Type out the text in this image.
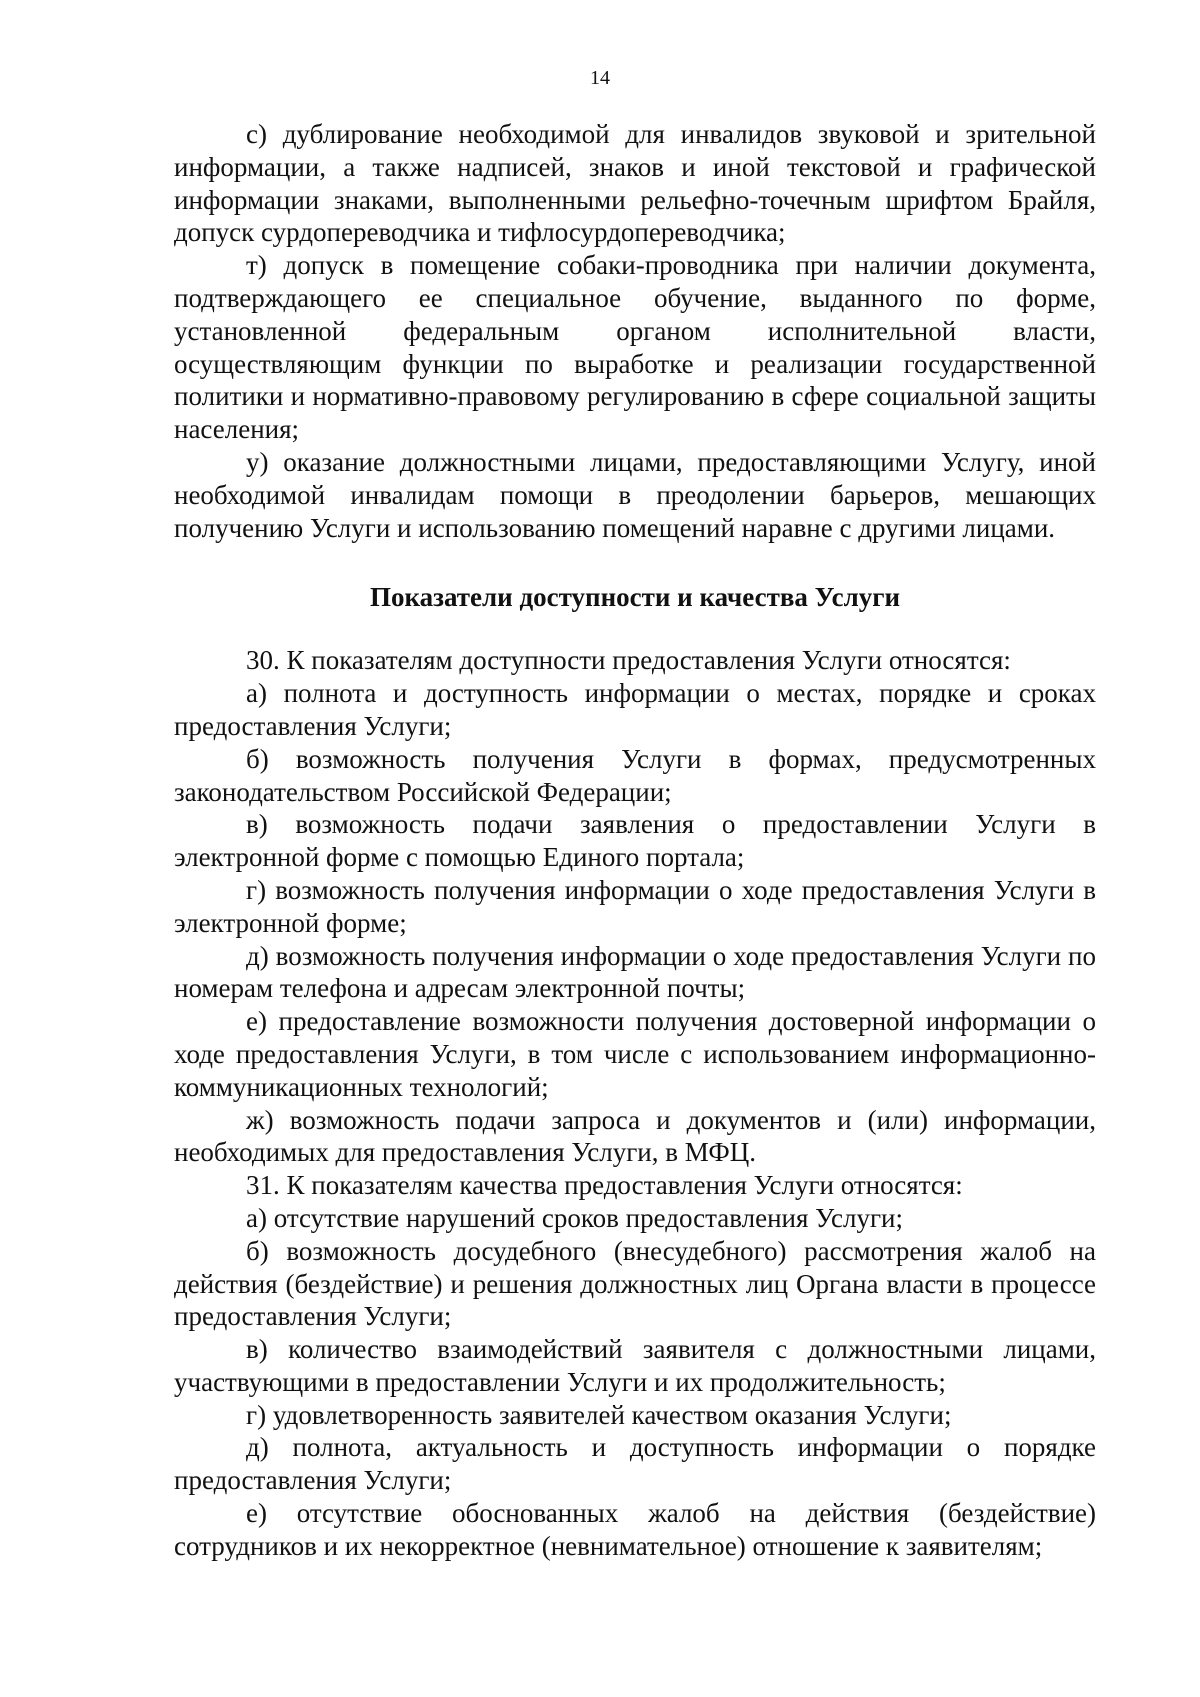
14

с) дублирование необходимой для инвалидов звуковой и зрительной информации, а также надписей, знаков и иной текстовой и графической информации знаками, выполненными рельефно-точечным шрифтом Брайля, допуск сурдопереводчика и тифлосурдопереводчика;

т) допуск в помещение собаки-проводника при наличии документа, подтверждающего ее специальное обучение, выданного по форме, установленной федеральным органом исполнительной власти, осуществляющим функции по выработке и реализации государственной политики и нормативно-правовому регулированию в сфере социальной защиты населения;

у) оказание должностными лицами, предоставляющими Услугу, иной необходимой инвалидам помощи в преодолении барьеров, мешающих получению Услуги и использованию помещений наравне с другими лицами.

Показатели доступности и качества Услуги

30. К показателям доступности предоставления Услуги относятся:

а) полнота и доступность информации о местах, порядке и сроках предоставления Услуги;

б) возможность получения Услуги в формах, предусмотренных законодательством Российской Федерации;

в) возможность подачи заявления о предоставлении Услуги в электронной форме с помощью Единого портала;

г) возможность получения информации о ходе предоставления Услуги в электронной форме;

д) возможность получения информации о ходе предоставления Услуги по номерам телефона и адресам электронной почты;

е) предоставление возможности получения достоверной информации о ходе предоставления Услуги, в том числе с использованием информационно-коммуникационных технологий;

ж) возможность подачи запроса и документов и (или) информации, необходимых для предоставления Услуги, в МФЦ.

31. К показателям качества предоставления Услуги относятся:

а) отсутствие нарушений сроков предоставления Услуги;

б) возможность досудебного (внесудебного) рассмотрения жалоб на действия (бездействие) и решения должностных лиц Органа власти в процессе предоставления Услуги;

в) количество взаимодействий заявителя с должностными лицами, участвующими в предоставлении Услуги и их продолжительность;

г) удовлетворенность заявителей качеством оказания Услуги;

д) полнота, актуальность и доступность информации о порядке предоставления Услуги;

е) отсутствие обоснованных жалоб на действия (бездействие) сотрудников и их некорректное (невнимательное) отношение к заявителям;
